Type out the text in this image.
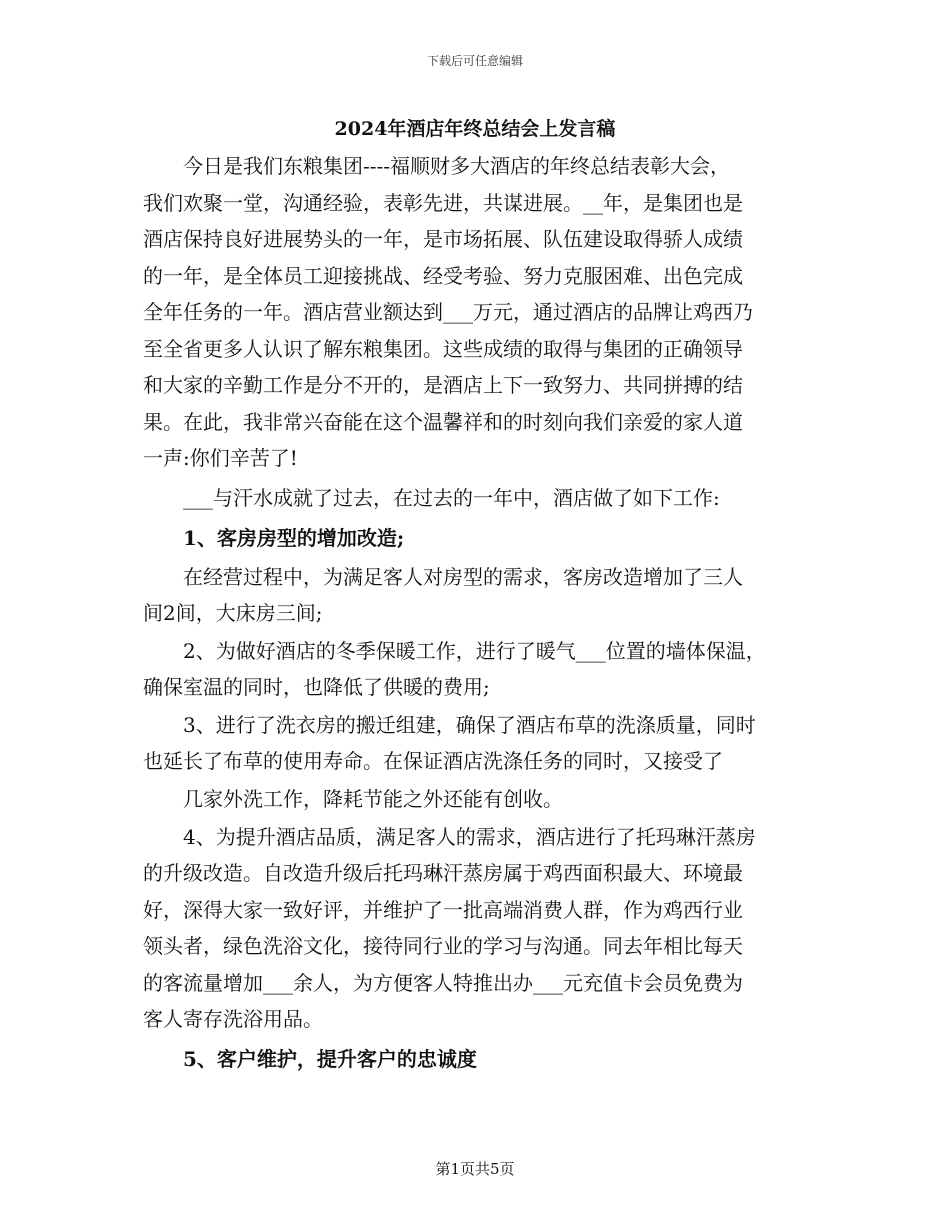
下载后可任意编辑
2024年酒店年终总结会上发言稿

　　今日是我们东粮集团----福顺财多大酒店的年终总结表彰大会，

我们欢聚一堂，沟通经验，表彰先进，共谋进展。__年，是集团也是

酒店保持良好进展势头的一年，是市场拓展、队伍建设取得骄人成绩

的一年，是全体员工迎接挑战、经受考验、努力克服困难、出色完成

全年任务的一年。酒店营业额达到___万元，通过酒店的品牌让鸡西乃

至全省更多人认识了解东粮集团。这些成绩的取得与集团的正确领导

和大家的辛勤工作是分不开的，是酒店上下一致努力、共同拼搏的结

果。在此，我非常兴奋能在这个温馨祥和的时刻向我们亲爱的家人道

一声:你们辛苦了!

　　___与汗水成就了过去，在过去的一年中，酒店做了如下工作:

　　1、客房房型的增加改造;

　　在经营过程中，为满足客人对房型的需求，客房改造增加了三人

间2间，大床房三间;

　　2、为做好酒店的冬季保暖工作，进行了暖气___位置的墙体保温，

确保室温的同时，也降低了供暖的费用;

　　3、进行了洗衣房的搬迁组建，确保了酒店布草的洗涤质量，同时

也延长了布草的使用寿命。在保证酒店洗涤任务的同时，又接受了

　　几家外洗工作，降耗节能之外还能有创收。

　　4、为提升酒店品质，满足客人的需求，酒店进行了托玛琳汗蒸房

的升级改造。自改造升级后托玛琳汗蒸房属于鸡西面积最大、环境最

好，深得大家一致好评，并维护了一批高端消费人群，作为鸡西行业

领头者，绿色洗浴文化，接待同行业的学习与沟通。同去年相比每天

的客流量增加___余人，为方便客人特推出办___元充值卡会员免费为

客人寄存洗浴用品。

　　5、客户维护，提升客户的忠诚度

第1页共5页
